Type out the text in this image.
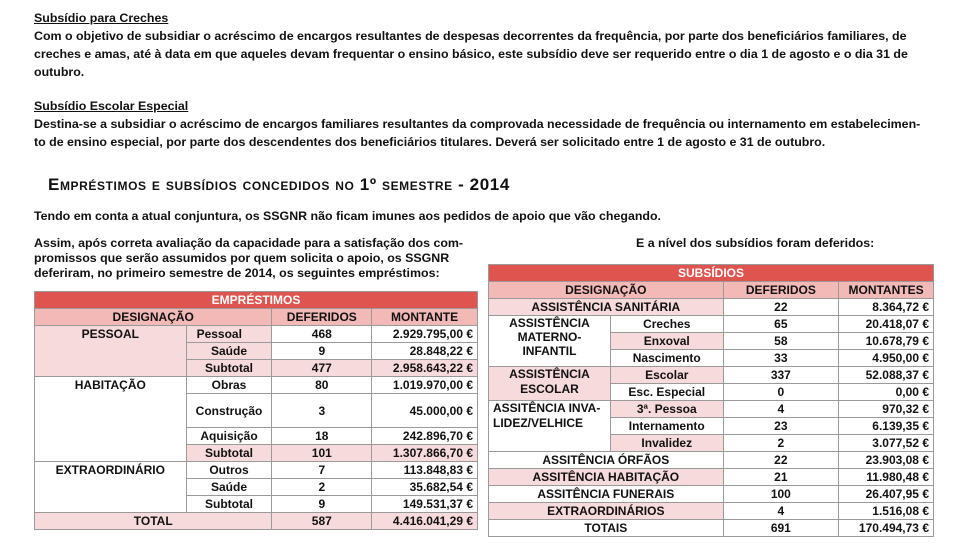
Subsídio para Creches

Com o objetivo de subsidiar o acréscimo de encargos resultantes de despesas decorrentes da frequência, por parte dos beneficiários familiares, de

creches e amas, até à data em que aqueles devam frequentar o ensino básico, este subsídio deve ser requerido entre o dia 1 de agosto e o dia 31 de

outubro.

Subsídio Escolar Especial

Destina-se a subsidiar o acréscimo de encargos familiares resultantes da comprovada necessidade de frequência ou internamento em estabelecimen-

to de ensino especial, por parte dos descendentes dos beneficiários titulares. Deverá ser solicitado entre 1 de agosto e 31 de outubro.

Empréstimos e subsídios concedidos no 1º semestre - 2014
Tendo em conta a atual conjuntura, os SSGNR não ficam imunes aos pedidos de apoio que vão chegando.
Assim, após correta avaliação da capacidade para a satisfação dos com-
promissos que serão assumidos por quem solicita o apoio, os SSGNR
deferiram, no primeiro semestre de 2014, os seguintes empréstimos:
E a nível dos subsídios foram deferidos:
EMPRÉSTIMOS			
DESIGNAÇÃO		DEFERIDOS	MONTANTE
PESSOAL	Pessoal	468	2.929.795,00 €
	Saúde	9	28.848,22 €
	Subtotal	477	2.958.643,22 €
HABITAÇÃO	Obras	80	1.019.970,00 €
	Construção	3	45.000,00 €
	Aquisição	18	242.896,70 €
	Subtotal	101	1.307.866,70 €
EXTRAORDINÁRIO	Outros	7	113.848,83 €
	Saúde	2	35.682,54 €
	Subtotal	9	149.531,37 €
TOTAL		587	4.416.041,29 €
SUBSÍDIOS			
DESIGNAÇÃO		DEFERIDOS	MONTANTES
ASSISTÊNCIA SANITÁRIA		22	8.364,72 €

ASSISTÊNCIA
MATERNO-
INFANTIL	Creches	65	20.418,07 €
	Enxoval	58	10.678,79 €
	Nascimento	33	4.950,00 €

ASSISTÊNCIA
ESCOLAR	Escolar	337	52.088,37 €
	Esc. Especial	0	0,00 €

ASSITÊNCIA INVA-
LIDEZ/VELHICE	3ª. Pessoa	4	970,32 €
	Internamento	23	6.139,35 €
	Invalidez	2	3.077,52 €
ASSITÊNCIA ÓRFÃOS		22	23.903,08 €
ASSITÊNCIA HABITAÇÃO		21	11.980,48 €
ASSITÊNCIA FUNERAIS		100	26.407,95 €
EXTRAORDINÁRIOS		4	1.516,08 €
TOTAIS		691	170.494,73 €
